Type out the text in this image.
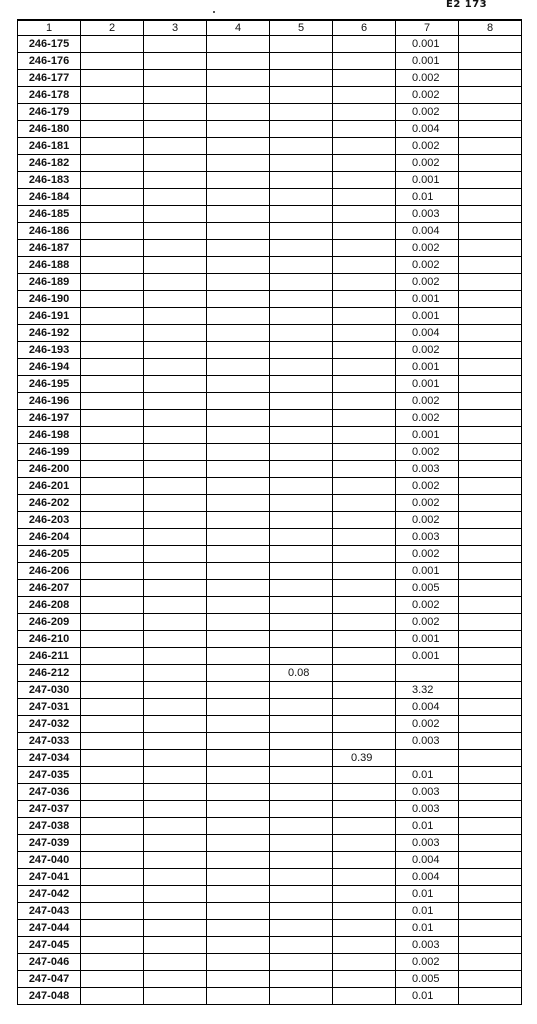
E2 173
1	2	3	4	5	6	7	8
246-175						0.001	
246-176						0.001	
246-177						0.002	
246-178						0.002	
246-179						0.002	
246-180						0.004	
246-181						0.002	
246-182						0.002	
246-183						0.001	
246-184						0.01	
246-185						0.003	
246-186						0.004	
246-187						0.002	
246-188						0.002	
246-189						0.002	
246-190						0.001	
246-191						0.001	
246-192						0.004	
246-193						0.002	
246-194						0.001	
246-195						0.001	
246-196						0.002	
246-197						0.002	
246-198						0.001	
246-199						0.002	
246-200						0.003	
246-201						0.002	
246-202						0.002	
246-203						0.002	
246-204						0.003	
246-205						0.002	
246-206						0.001	
246-207						0.005	
246-208						0.002	
246-209						0.002	
246-210						0.001	
246-211						0.001	
246-212				0.08			
247-030						3.32	
247-031						0.004	
247-032						0.002	
247-033						0.003	
247-034					0.39		
247-035						0.01	
247-036						0.003	
247-037						0.003	
247-038						0.01	
247-039						0.003	
247-040						0.004	
247-041						0.004	
247-042						0.01	
247-043						0.01	
247-044						0.01	
247-045						0.003	
247-046						0.002	
247-047						0.005	
247-048						0.01	
